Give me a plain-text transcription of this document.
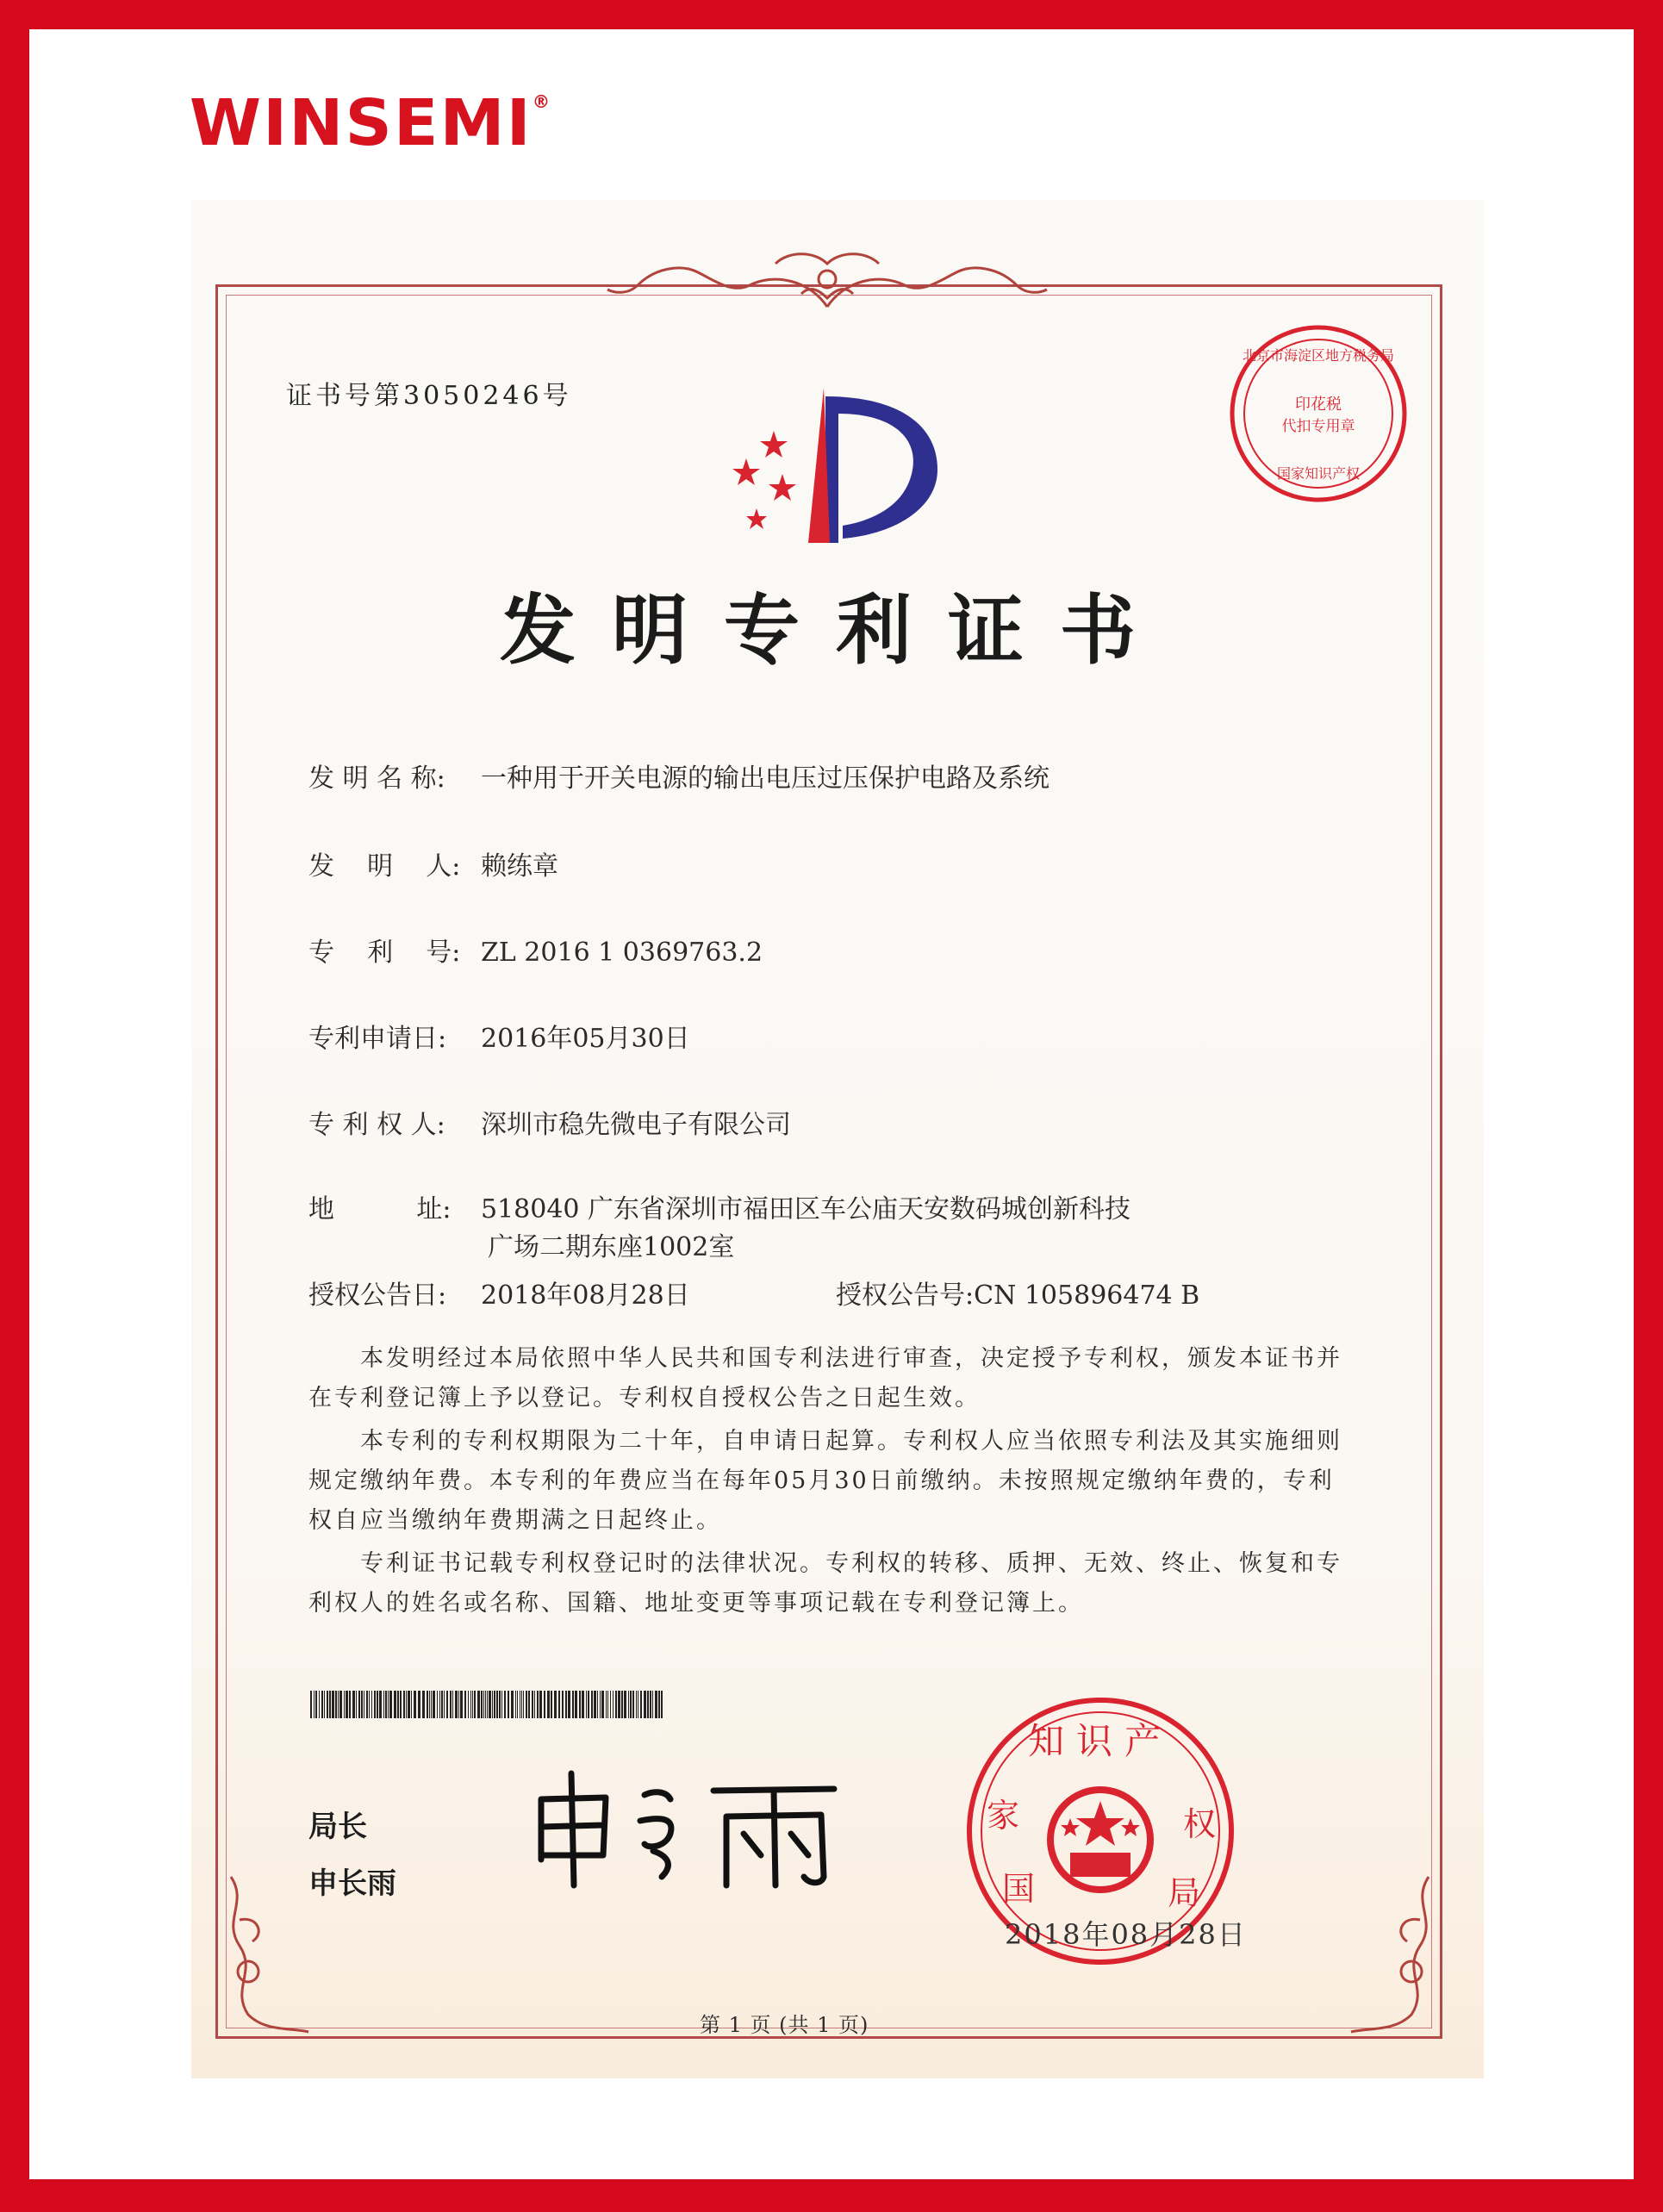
WINSEMI®
证书号第3050246号	印花税
代扣专用章
北京市海淀区地方税务局
国家知识产权
发明专利证书
发 明 名 称: 一种用于开关电源的输出电压过压保护电路及系统
发    明    人: 赖练章
专    利    号: ZL 2016 1 0369763.2
专利申请日: 2016年05月30日
专 利 权 人: 深圳市稳先微电子有限公司
地          址: 518040 广东省深圳市福田区车公庙天安数码城创新科技
广场二期东座1002室
授权公告日: 2018年08月28日	授权公告号:CN 105896474 B
本发明经过本局依照中华人民共和国专利法进行审查，决定授予专利权，颁发本证书并在专利登记簿上予以登记。专利权自授权公告之日起生效。
本专利的专利权期限为二十年，自申请日起算。专利权人应当依照专利法及其实施细则规定缴纳年费。本专利的年费应当在每年05月30日前缴纳。未按照规定缴纳年费的，专利权自应当缴纳年费期满之日起终止。
专利证书记载专利权登记时的法律状况。专利权的转移、质押、无效、终止、恢复和专利权人的姓名或名称、国籍、地址变更等事项记载在专利登记簿上。
局长
申长雨
知识产
家	权
国	局
2018年08月28日
第 1 页 (共 1 页)
